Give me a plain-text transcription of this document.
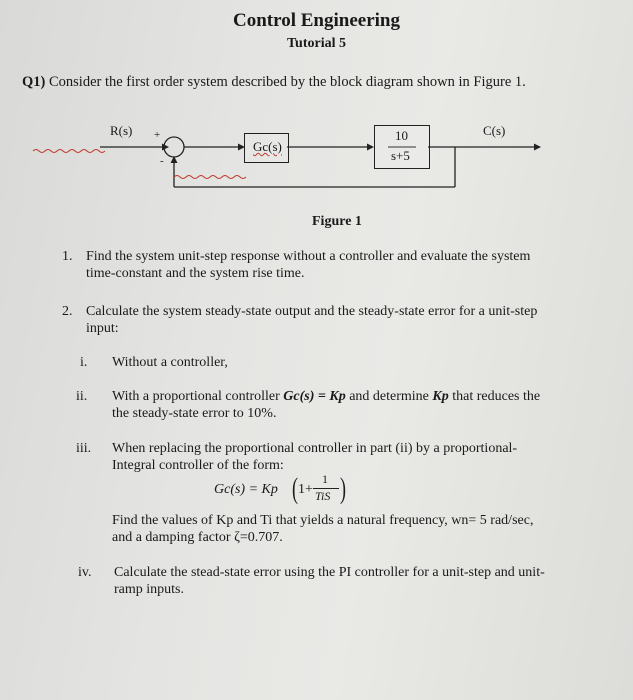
Control Engineering
Tutorial 5
Q1) Consider the first order system described by the block diagram shown in Figure 1.
R(s) +
-
Gc(s)
10
s+5
C(s)
Figure 1
1. Find the system unit-step response without a controller and evaluate the system
time-constant and the system rise time.
2. Calculate the system steady-state output and the steady-state error for a unit-step
input:
i. Without a controller,
ii. With a proportional controller Gc(s) = Kp and determine Kp that reduces the
the steady-state error to 10%.
iii. When replacing the proportional controller in part (ii) by a proportional-
Integral controller of the form:
Gc(s) = Kp ( 1+
1
TiS )
Find the values of Kp and Ti that yields a natural frequency, wn= 5 rad/sec,
and a damping factor ζ=0.707.
iv. Calculate the stead-state error using the PI controller for a unit-step and unit-
ramp inputs.
